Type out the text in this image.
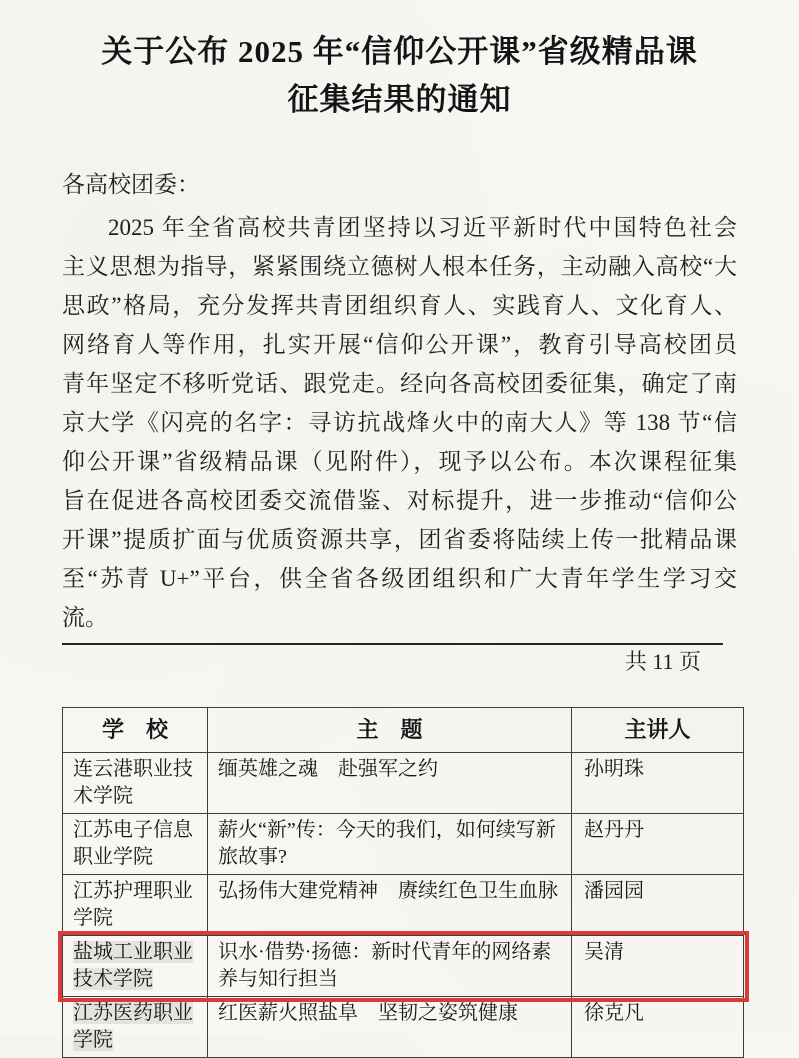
关于公布 2025 年“信仰公开课”省级精品课
征集结果的通知

各高校团委：

2025 年全省高校共青团坚持以习近平新时代中国特色社会
主义思想为指导，紧紧围绕立德树人根本任务，主动融入高校“大
思政”格局，充分发挥共青团组织育人、实践育人、文化育人、
网络育人等作用，扎实开展“信仰公开课”，教育引导高校团员
青年坚定不移听党话、跟党走。经向各高校团委征集，确定了南
京大学《闪亮的名字：寻访抗战烽火中的南大人》等 138 节“信
仰公开课”省级精品课（见附件），现予以公布。本次课程征集
旨在促进各高校团委交流借鉴、对标提升，进一步推动“信仰公
开课”提质扩面与优质资源共享，团省委将陆续上传一批精品课
至“苏青 U+”平台，供全省各级团组织和广大青年学生学习交
流。
共 11 页
学　校	主　题	主讲人
连云港职业技术学院	缅英雄之魂　赴强军之约	孙明珠
江苏电子信息职业学院	薪火“新”传：今天的我们，如何续写新旅故事?	赵丹丹
江苏护理职业学院	弘扬伟大建党精神　赓续红色卫生血脉	潘园园
盐城工业职业技术学院	识水·借势·扬德：新时代青年的网络素养与知行担当	吴清
江苏医药职业学院	红医薪火照盐阜　坚韧之姿筑健康	徐克凡
